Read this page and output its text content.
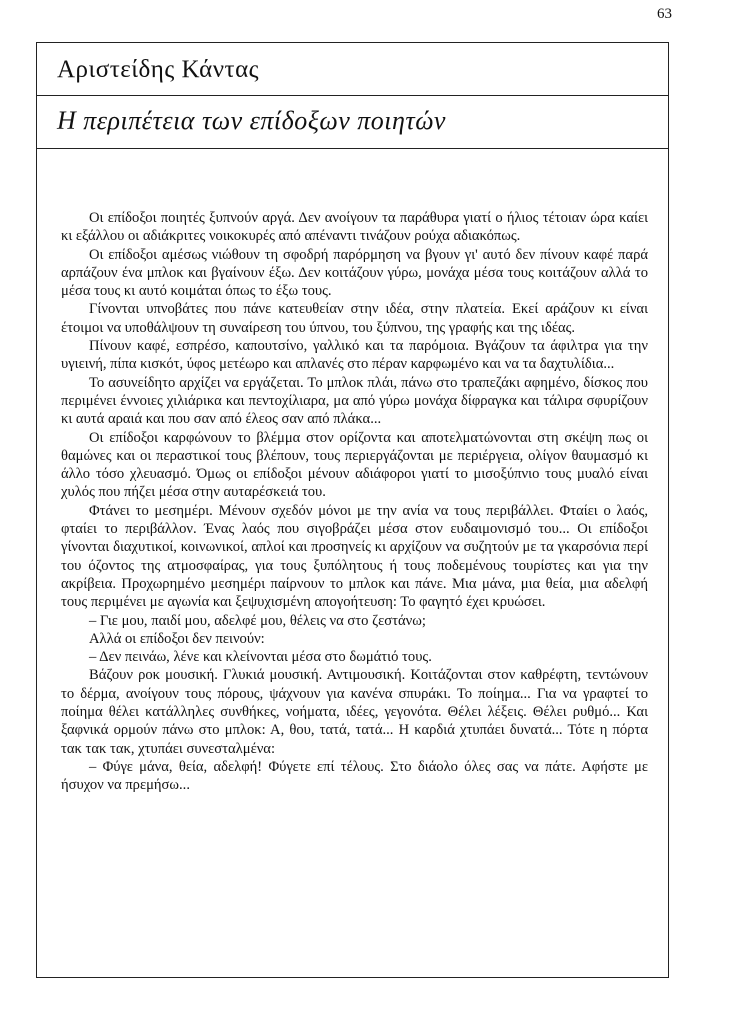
63
Αριστείδης Κάντας
Η περιπέτεια των επίδοξων ποιητών

Οι επίδοξοι ποιητές ξυπνούν αργά. Δεν ανοίγουν τα παράθυρα γιατί ο ήλιος τέτοιαν ώρα καίει κι εξάλλου οι αδιάκριτες νοικοκυρές από απέναντι τινάζουν ρούχα αδιακόπως.

Οι επίδοξοι αμέσως νιώθουν τη σφοδρή παρόρμηση να βγουν γι' αυτό δεν πίνουν καφέ παρά αρπάζουν ένα μπλοκ και βγαίνουν έξω. Δεν κοιτάζουν γύρω, μονάχα μέσα τους κοιτάζουν αλλά το μέσα τους κι αυτό κοιμάται όπως το έξω τους.

Γίνονται υπνοβάτες που πάνε κατευθείαν στην ιδέα, στην πλατεία. Εκεί αράζουν κι είναι έτοιμοι να υποθάλψουν τη συναίρεση του ύπνου, του ξύπνου, της γραφής και της ιδέας.

Πίνουν καφέ, εσπρέσο, καπουτσίνο, γαλλικό και τα παρόμοια. Βγάζουν τα άφιλτρα για την υγιεινή, πίπα κισκότ, ύφος μετέωρο και απλανές στο πέραν καρφωμένο και να τα δαχτυλίδια...

Το ασυνείδητο αρχίζει να εργάζεται. Το μπλοκ πλάι, πάνω στο τραπεζάκι αφημένο, δίσκος που περιμένει έννοιες χιλιάρικα και πεντοχίλιαρα, μα από γύρω μονάχα δίφραγκα και τάλιρα σφυρίζουν κι αυτά αραιά και που σαν από έλεος σαν από πλάκα...

Οι επίδοξοι καρφώνουν το βλέμμα στον ορίζοντα και αποτελματώνονται στη σκέψη πως οι θαμώνες και οι περαστικοί τους βλέπουν, τους περιεργάζονται με περιέργεια, ολίγον θαυμασμό κι άλλο τόσο χλευασμό. Όμως οι επίδοξοι μένουν αδιάφοροι γιατί το μισοξύπνιο τους μυαλό είναι χυλός που πήζει μέσα στην αυταρέσκειά του.

Φτάνει το μεσημέρι. Μένουν σχεδόν μόνοι με την ανία να τους περιβάλλει. Φταίει ο λαός, φταίει το περιβάλλον. Ένας λαός που σιγοβράζει μέσα στον ευδαιμονισμό του... Οι επίδοξοι γίνονται διαχυτικοί, κοινωνικοί, απλοί και προσηνείς κι αρχίζουν να συζητούν με τα γκαρσόνια περί του όζοντος της ατμοσφαίρας, για τους ξυπόλητους ή τους ποδεμένους τουρίστες και για την ακρίβεια. Προχωρημένο μεσημέρι παίρνουν το μπλοκ και πάνε. Μια μάνα, μια θεία, μια αδελφή τους περιμένει με αγωνία και ξεψυχισμένη απογοήτευση: Το φαγητό έχει κρυώσει.

– Γιε μου, παιδί μου, αδελφέ μου, θέλεις να στο ζεστάνω;

Αλλά οι επίδοξοι δεν πεινούν:

– Δεν πεινάω, λένε και κλείνονται μέσα στο δωμάτιό τους.

Βάζουν ροκ μουσική. Γλυκιά μουσική. Αντιμουσική. Κοιτάζονται στον καθρέφτη, τεντώνουν το δέρμα, ανοίγουν τους πόρους, ψάχνουν για κανένα σπυράκι. Το ποίημα... Για να γραφτεί το ποίημα θέλει κατάλληλες συνθήκες, νοήματα, ιδέες, γεγονότα. Θέλει λέξεις. Θέλει ρυθμό... Και ξαφνικά ορμούν πάνω στο μπλοκ: Α, θου, τατά, τατά... Η καρδιά χτυπάει δυνατά... Τότε η πόρτα τακ τακ τακ, χτυπάει συνεσταλμένα:

– Φύγε μάνα, θεία, αδελφή! Φύγετε επί τέλους. Στο διάολο όλες σας να πάτε. Αφήστε με ήσυχον να πρεμήσω...
